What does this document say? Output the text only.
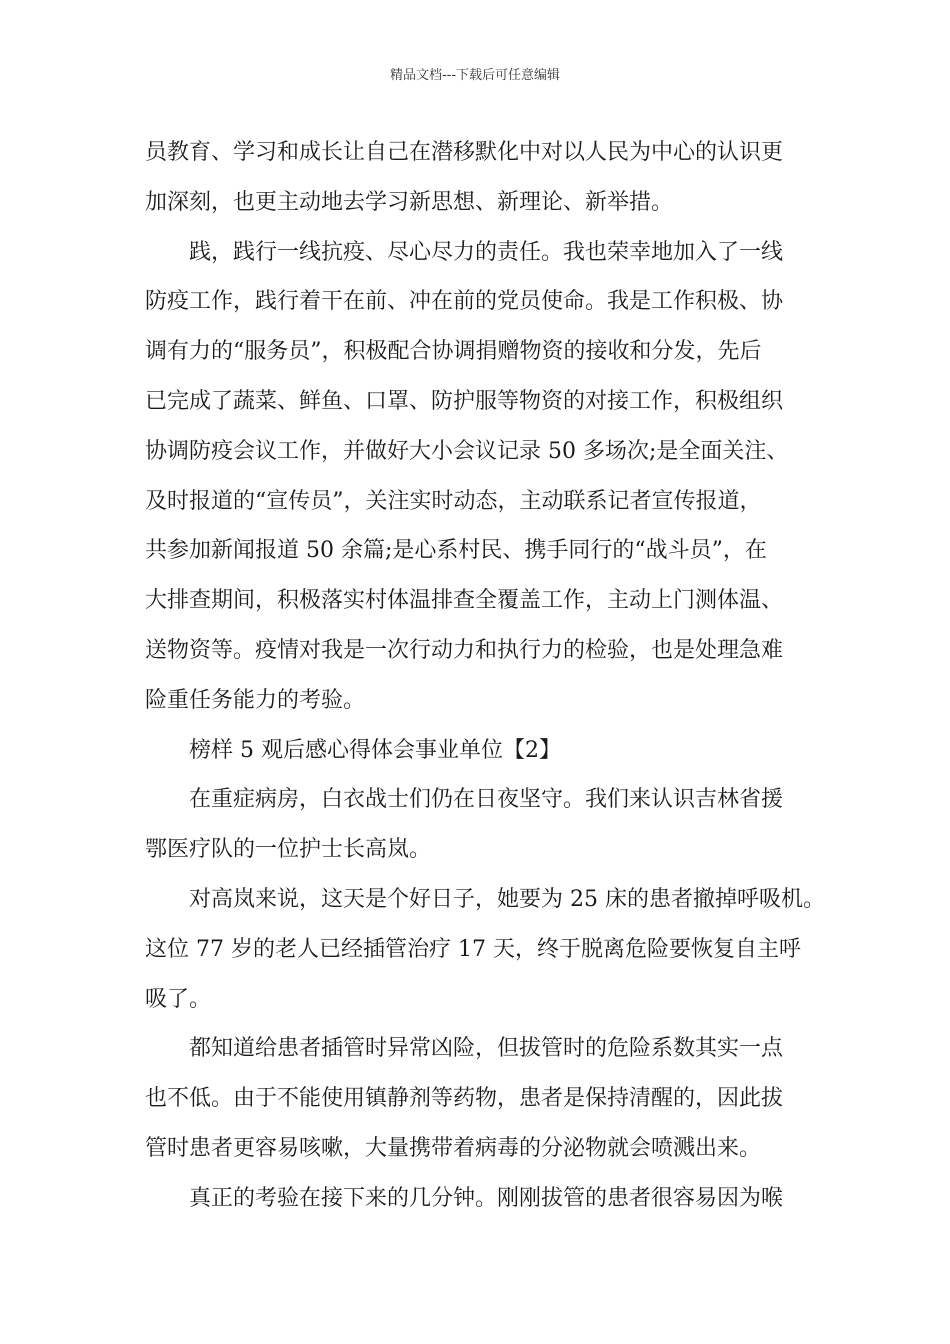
精品文档---下载后可任意编辑
员教育、学习和成长让自己在潜移默化中对以人民为中心的认识更
加深刻，也更主动地去学习新思想、新理论、新举措。
践，践行一线抗疫、尽心尽力的责任。我也荣幸地加入了一线
防疫工作，践行着干在前、冲在前的党员使命。我是工作积极、协
调有力的“服务员”，积极配合协调捐赠物资的接收和分发，先后
已完成了蔬菜、鲜鱼、口罩、防护服等物资的对接工作，积极组织
协调防疫会议工作，并做好大小会议记录 50 多场次;是全面关注、
及时报道的“宣传员”，关注实时动态，主动联系记者宣传报道，
共参加新闻报道 50 余篇;是心系村民、携手同行的“战斗员”，在
大排查期间，积极落实村体温排查全覆盖工作，主动上门测体温、
送物资等。疫情对我是一次行动力和执行力的检验，也是处理急难
险重任务能力的考验。
榜样 5 观后感心得体会事业单位【2】
在重症病房，白衣战士们仍在日夜坚守。我们来认识吉林省援
鄂医疗队的一位护士长高岚。
对高岚来说，这天是个好日子，她要为 25 床的患者撤掉呼吸机。
这位 77 岁的老人已经插管治疗 17 天，终于脱离危险要恢复自主呼
吸了。
都知道给患者插管时异常凶险，但拔管时的危险系数其实一点
也不低。由于不能使用镇静剂等药物，患者是保持清醒的，因此拔
管时患者更容易咳嗽，大量携带着病毒的分泌物就会喷溅出来。
真正的考验在接下来的几分钟。刚刚拔管的患者很容易因为喉
